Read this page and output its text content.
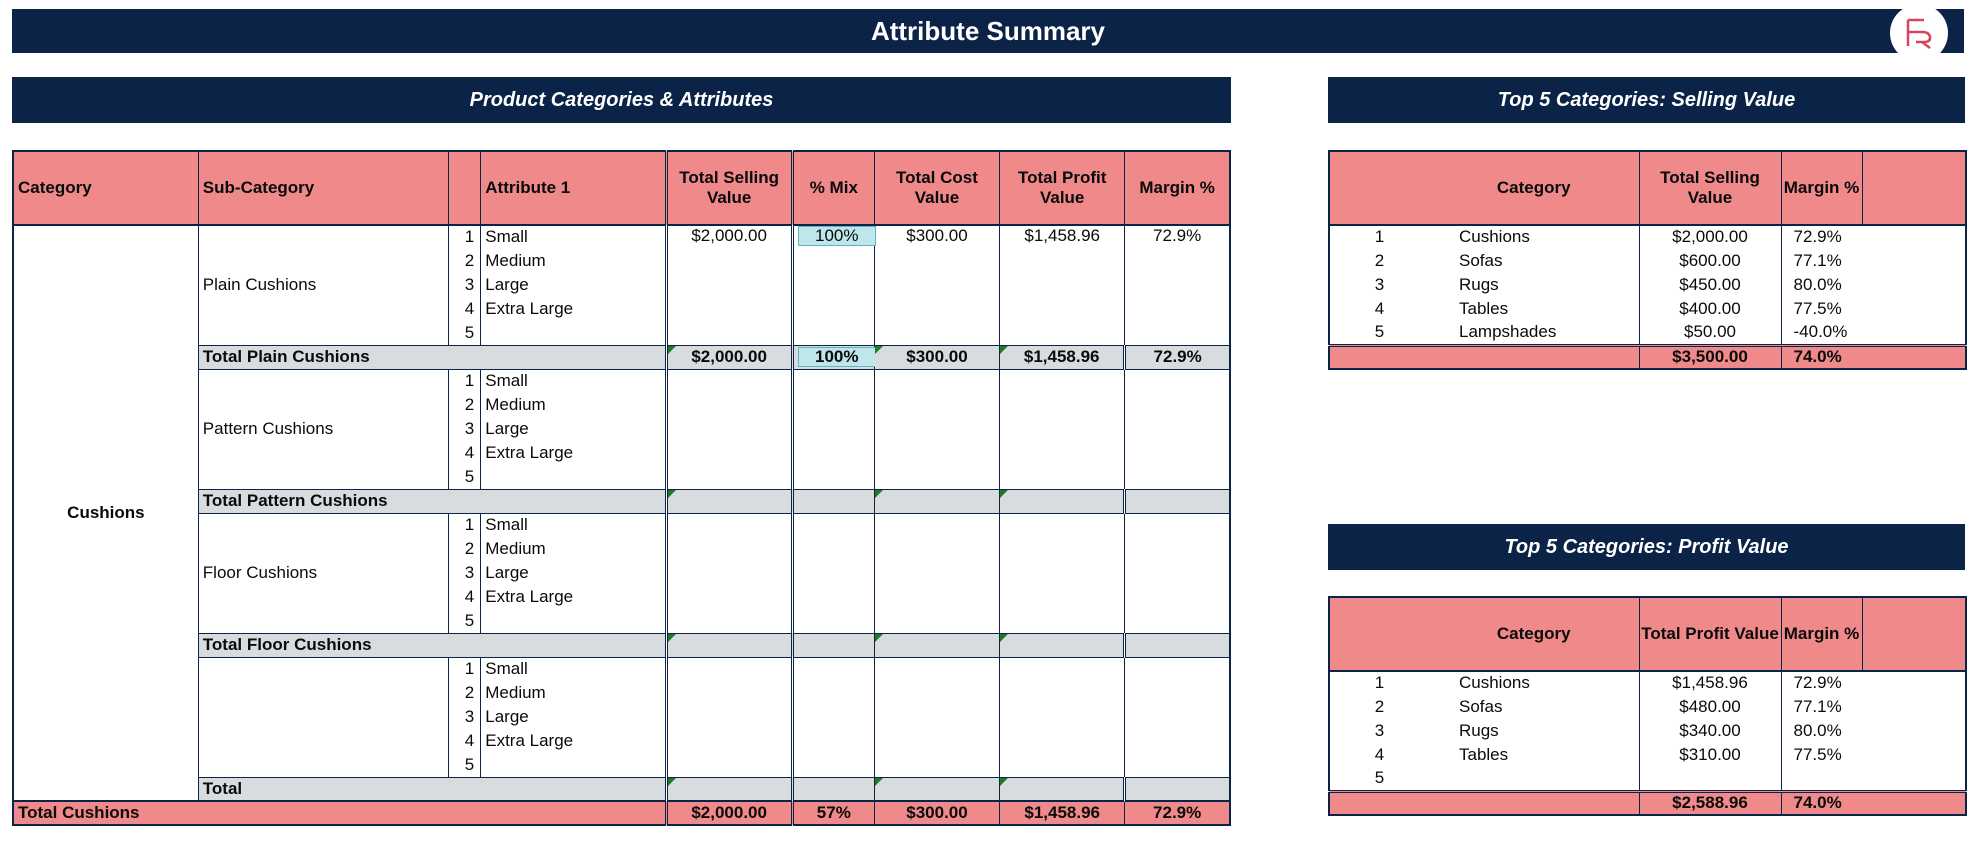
Attribute Summary
Product Categories & Attributes	Top 5 Categories: Selling Value
Top 5 Categories: Profit Value
Category	Sub-Category		Attribute 1	Total Selling Value	% Mix	Total Cost Value	Total Profit Value	Margin %
Cushions	Plain Cushions	1	Small	$2,000.00	100%	$300.00	$1,458.96	72.9%
		2	Medium					
		3	Large					
		4	Extra Large					
		5						
	Total Plain Cushions			$2,000.00	100%	$300.00	$1,458.96	72.9%
	Pattern Cushions	1	Small					
		2	Medium					
		3	Large					
		4	Extra Large					
		5						
	Total Pattern Cushions							
	Floor Cushions	1	Small					
		2	Medium					
		3	Large					
		4	Extra Large					
		5						
	Total Floor Cushions							
		1	Small					
		2	Medium					
		3	Large					
		4	Extra Large					
		5						
	Total							
Total Cushions				$2,000.00	57%	$300.00	$1,458.96	72.9%
	Category	Total Selling Value	Margin %	
1	Cushions	$2,000.00	72.9%	
2	Sofas	$600.00	77.1%	
3	Rugs	$450.00	80.0%	
4	Tables	$400.00	77.5%	
5	Lampshades	$50.00	-40.0%	
		$3,500.00	74.0%	
	Category	Total Profit Value	Margin %	
1	Cushions	$1,458.96	72.9%	
2	Sofas	$480.00	77.1%	
3	Rugs	$340.00	80.0%	
4	Tables	$310.00	77.5%	
5				
		$2,588.96	74.0%	
